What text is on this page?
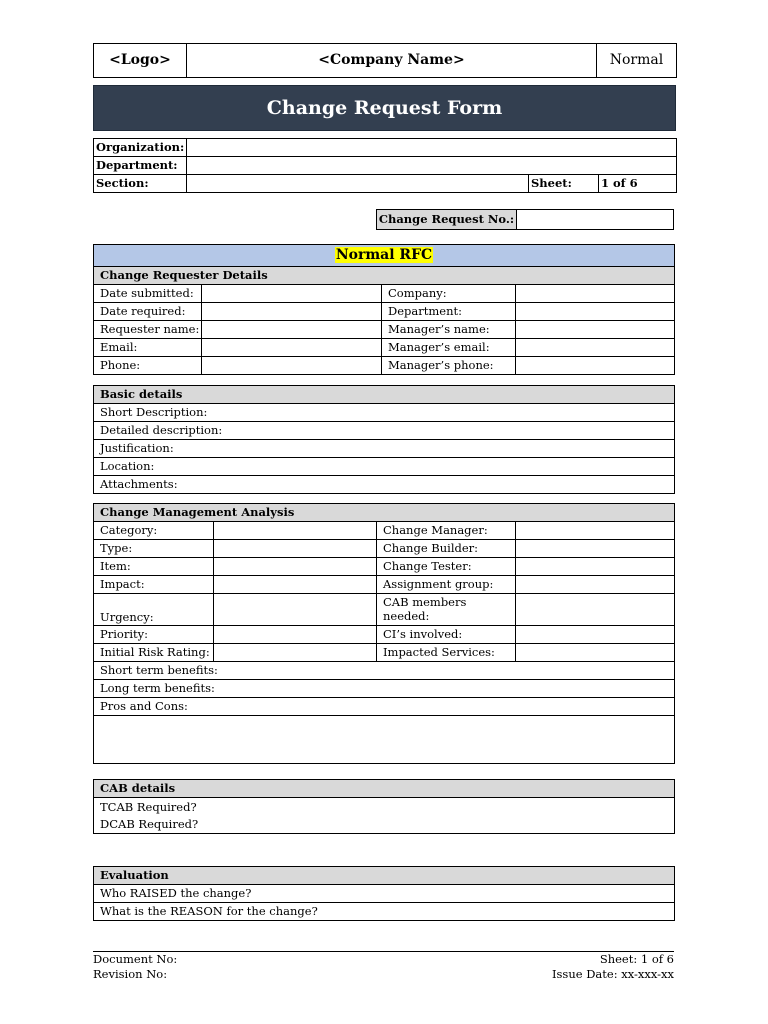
<Logo>	<Company Name>	Normal
Change Request Form
Organization:			
Department:			
Section:		Sheet:	1 of 6
Change Request No.:	
Normal RFC			
Change Requester Details			
Date submitted:		Company:	
Date required:		Department:	
Requester name:		Manager’s name:	
Email:		Manager’s email:	
Phone:		Manager’s phone:	
Basic details
Short Description:
Detailed description:
Justification:
Location:
Attachments:
Change Management Analysis			
Category:		Change Manager:	
Type:		Change Builder:	
Item:		Change Tester:	
Impact:		Assignment group:	
Urgency:		CAB members needed:	
Priority:		CI’s involved:	
Initial Risk Rating:		Impacted Services:	
Short term benefits:			
Long term benefits:			
Pros and Cons:			

CAB details

TCAB Required?
DCAB Required?
Evaluation
Who RAISED the change?
What is the REASON for the change?
Document No:
Revision No:
Sheet: 1 of 6
Issue Date: xx-xxx-xx
